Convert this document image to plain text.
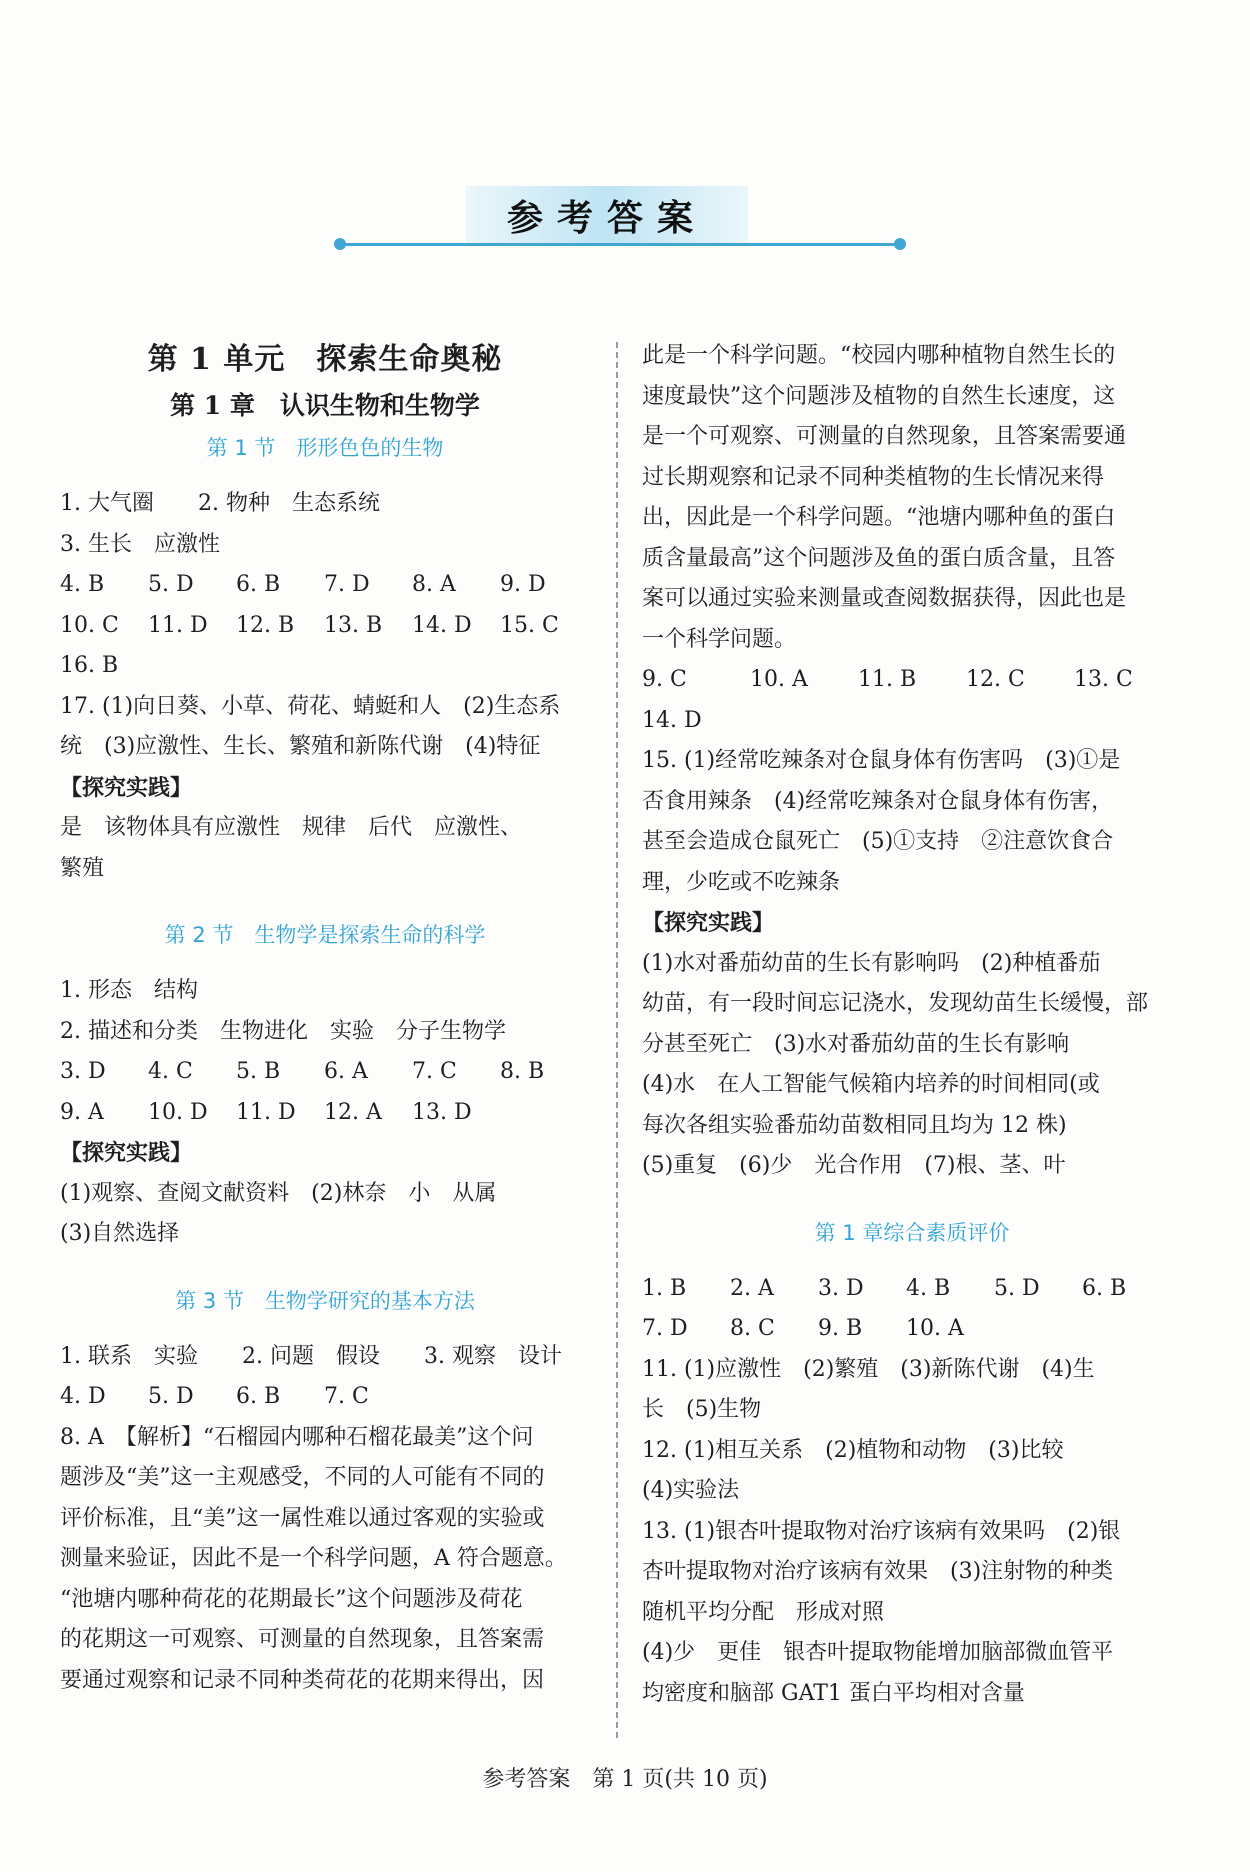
参考答案
第 1 单元　探索生命奥秘
第 1 章　认识生物和生物学
第 1 节　形形色色的生物
1. 大气圈　　2. 物种　生态系统
3. 生长　应激性
4. B	5. D	6. B	7. D	8. A	9. D
10. C	11. D	12. B	13. B	14. D	15. C
16. B
17. (1)向日葵、小草、荷花、蜻蜓和人　(2)生态系
统　(3)应激性、生长、繁殖和新陈代谢　(4)特征
【探究实践】
是　该物体具有应激性　规律　后代　应激性、
繁殖
第 2 节　生物学是探索生命的科学
1. 形态　结构
2. 描述和分类　生物进化　实验　分子生物学
3. D	4. C	5. B	6. A	7. C	8. B
9. A	10. D	11. D	12. A	13. D
【探究实践】
(1)观察、查阅文献资料　(2)林奈　小　从属
(3)自然选择
第 3 节　生物学研究的基本方法
1. 联系　实验　　2. 问题　假设　　3. 观察　设计
4. D	5. D	6. B	7. C
8. A　【解析】“石榴园内哪种石榴花最美”这个问
题涉及“美”这一主观感受，不同的人可能有不同的
评价标准，且“美”这一属性难以通过客观的实验或
测量来验证，因此不是一个科学问题，A 符合题意。
“池塘内哪种荷花的花期最长”这个问题涉及荷花
的花期这一可观察、可测量的自然现象，且答案需
要通过观察和记录不同种类荷花的花期来得出，因
此是一个科学问题。“校园内哪种植物自然生长的
速度最快”这个问题涉及植物的自然生长速度，这
是一个可观察、可测量的自然现象，且答案需要通
过长期观察和记录不同种类植物的生长情况来得
出，因此是一个科学问题。“池塘内哪种鱼的蛋白
质含量最高”这个问题涉及鱼的蛋白质含量，且答
案可以通过实验来测量或查阅数据获得，因此也是
一个科学问题。
9. C	10. A	11. B	12. C	13. C
14. D
15. (1)经常吃辣条对仓鼠身体有伤害吗　(3)①是
否食用辣条　(4)经常吃辣条对仓鼠身体有伤害，
甚至会造成仓鼠死亡　(5)①支持　②注意饮食合
理，少吃或不吃辣条
【探究实践】
(1)水对番茄幼苗的生长有影响吗　(2)种植番茄
幼苗，有一段时间忘记浇水，发现幼苗生长缓慢，部
分甚至死亡　(3)水对番茄幼苗的生长有影响
(4)水　在人工智能气候箱内培养的时间相同(或
每次各组实验番茄幼苗数相同且均为 12 株)
(5)重复　(6)少　光合作用　(7)根、茎、叶
第 1 章综合素质评价
1. B	2. A	3. D	4. B	5. D	6. B
7. D	8. C	9. B	10. A
11. (1)应激性　(2)繁殖　(3)新陈代谢　(4)生
长　(5)生物
12. (1)相互关系　(2)植物和动物　(3)比较
(4)实验法
13. (1)银杏叶提取物对治疗该病有效果吗　(2)银
杏叶提取物对治疗该病有效果　(3)注射物的种类
随机平均分配　形成对照
(4)少　更佳　银杏叶提取物能增加脑部微血管平
均密度和脑部 GAT1 蛋白平均相对含量
参考答案　第 1 页(共 10 页)
